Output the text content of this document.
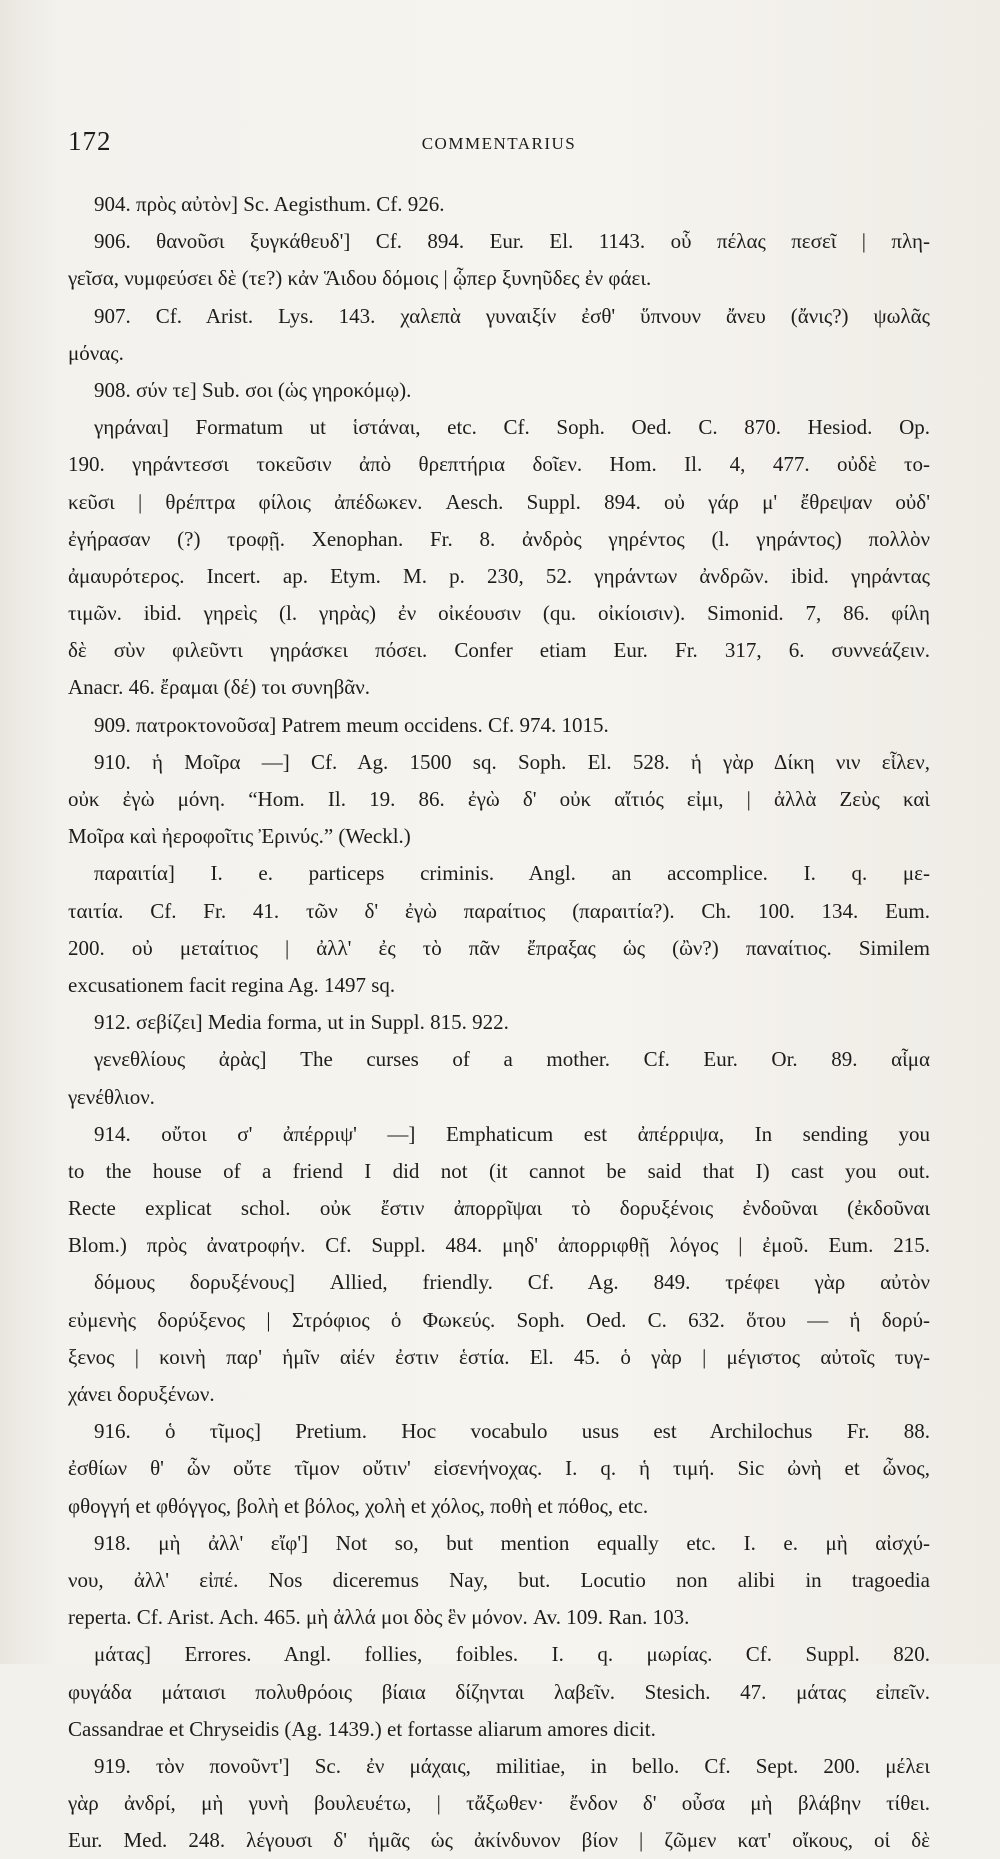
172	COMMENTARIUS
904. πρὸς αὐτὸν] Sc. Aegisthum. Cf. 926.
906. θανοῦσι ξυγκάθευδ'] Cf. 894. Eur. El. 1143. οὗ πέλας πεσεῖ | πλη-
γεῖσα, νυμφεύσει δὲ (τε?) κἀν Ἅιδου δόμοις | ᾧπερ ξυνηῦδες ἐν φάει.
907. Cf. Arist. Lys. 143. χαλεπὰ γυναιξίν ἐσθ' ὕπνουν ἄνευ (ἄνις?) ψωλᾶς
μόνας.
908. σύν τε] Sub. σοι (ὡς γηροκόμῳ).
γηράναι] Formatum ut ἱστάναι, etc. Cf. Soph. Oed. C. 870. Hesiod. Op.
190. γηράντεσσι τοκεῦσιν ἀπὸ θρεπτήρια δοῖεν. Hom. Il. 4, 477. οὐδὲ το-
κεῦσι | θρέπτρα φίλοις ἀπέδωκεν. Aesch. Suppl. 894. οὐ γάρ μ' ἔθρεψαν οὐδ'
ἐγήρασαν (?) τροφῇ. Xenophan. Fr. 8. ἀνδρὸς γηρέντος (l. γηράντος) πολλὸν
ἀμαυρότερος. Incert. ap. Etym. M. p. 230, 52. γηράντων ἀνδρῶν. ibid. γηράντας
τιμῶν. ibid. γηρεὶς (l. γηρὰς) ἐν οἰκέουσιν (qu. οἰκίοισιν). Simonid. 7, 86. φίλη
δὲ σὺν φιλεῦντι γηράσκει πόσει. Confer etiam Eur. Fr. 317, 6. συννεάζειν.
Anacr. 46. ἔραμαι (δέ) τοι συνηβᾶν.
909. πατροκτονοῦσα] Patrem meum occidens. Cf. 974. 1015.
910. ἡ Μοῖρα —] Cf. Ag. 1500 sq. Soph. El. 528. ἡ γὰρ Δίκη νιν εἷλεν,
οὐκ ἐγὼ μόνη. “Hom. Il. 19. 86. ἐγὼ δ' οὐκ αἴτιός εἰμι, | ἀλλὰ Ζεὺς καὶ
Μοῖρα καὶ ἠεροφοῖτις Ἐρινύς.” (Weckl.)
παραιτία] I. e. particeps criminis. Angl. an accomplice. I. q. με-
ταιτία. Cf. Fr. 41. τῶν δ' ἐγὼ παραίτιος (παραιτία?). Ch. 100. 134. Eum.
200. οὐ μεταίτιος | ἀλλ' ἐς τὸ πᾶν ἔπραξας ὡς (ὢν?) παναίτιος. Similem
excusationem facit regina Ag. 1497 sq.
912. σεβίζει] Media forma, ut in Suppl. 815. 922.
γενεθλίους ἀρὰς] The curses of a mother. Cf. Eur. Or. 89. αἷμα
γενέθλιον.
914. οὔτοι σ' ἀπέρριψ' —] Emphaticum est ἀπέρριψα, In sending you
to the house of a friend I did not (it cannot be said that I) cast you out.
Recte explicat schol. οὐκ ἔστιν ἀπορρῖψαι τὸ δορυξένοις ἐνδοῦναι (ἐκδοῦναι
Blom.) πρὸς ἀνατροφήν. Cf. Suppl. 484. μηδ' ἀπορριφθῇ λόγος | ἐμοῦ. Eum. 215.
δόμους δορυξένους] Allied, friendly. Cf. Ag. 849. τρέφει γὰρ αὐτὸν
εὐμενὴς δορύξενος | Στρόφιος ὁ Φωκεύς. Soph. Oed. C. 632. ὅτου — ἡ δορύ-
ξενος | κοινὴ παρ' ἡμῖν αἰέν ἐστιν ἑστία. El. 45. ὁ γὰρ | μέγιστος αὐτοῖς τυγ-
χάνει δορυξένων.
916. ὁ τῖμος] Pretium. Hoc vocabulo usus est Archilochus Fr. 88.
ἐσθίων θ' ὧν οὔτε τῖμον οὔτιν' εἰσενήνοχας. I. q. ἡ τιμή. Sic ὠνὴ et ὦνος,
φθογγή et φθόγγος, βολὴ et βόλος, χολὴ et χόλος, ποθὴ et πόθος, etc.
918. μὴ ἀλλ' εἴφ'] Not so, but mention equally etc. I. e. μὴ αἰσχύ-
νου, ἀλλ' εἰπέ. Nos diceremus Nay, but. Locutio non alibi in tragoedia
reperta. Cf. Arist. Ach. 465. μὴ ἀλλά μοι δὸς ἓν μόνον. Av. 109. Ran. 103.
μάτας] Errores. Angl. follies, foibles. I. q. μωρίας. Cf. Suppl. 820.
φυγάδα μάταισι πολυθρόοις βίαια δίζηνται λαβεῖν. Stesich. 47. μάτας εἰπεῖν.
Cassandrae et Chryseidis (Ag. 1439.) et fortasse aliarum amores dicit.
919. τὸν πονοῦντ'] Sc. ἐν μάχαις, militiae, in bello. Cf. Sept. 200. μέλει
γὰρ ἀνδρί, μὴ γυνὴ βουλευέτω, | τἄξωθεν· ἔνδον δ' οὖσα μὴ βλάβην τίθει.
Eur. Med. 248. λέγουσι δ' ἡμᾶς ὡς ἀκίνδυνον βίον | ζῶμεν κατ' οἴκους, οἱ δὲ
